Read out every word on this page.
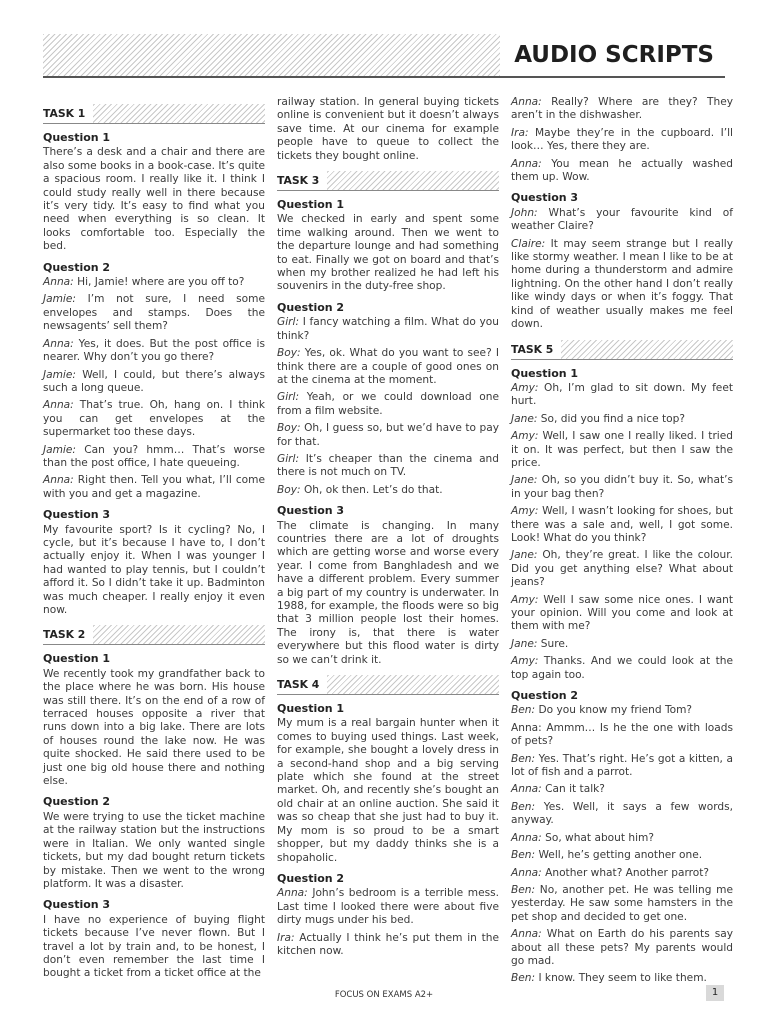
AUDIO SCRIPTS
TASK 1
Question 1
There’s a desk and a chair and there are also some books in a book-case. It’s quite a spacious room. I really like it. I think I could study really well in there because it’s very tidy. It’s easy to find what you need when everything is so clean. It looks comfortable too. Especially the bed.
Question 2
Anna: Hi, Jamie! where are you off to?
Jamie: I’m not sure, I need some envelopes and stamps. Does the newsagents’ sell them?
Anna: Yes, it does. But the post office is nearer. Why don’t you go there?
Jamie: Well, I could, but there’s always such a long queue.
Anna: That’s true. Oh, hang on. I think you can get envelopes at the supermarket too these days.
Jamie: Can you? hmm… That’s worse than the post office, I hate queueing.
Anna: Right then. Tell you what, I’ll come with you and get a magazine.
Question 3
My favourite sport? Is it cycling? No, I cycle, but it’s because I have to, I don’t actually enjoy it. When I was younger I had wanted to play tennis, but I couldn’t afford it. So I didn’t take it up. Badminton was much cheaper. I really enjoy it even now.
TASK 2
Question 1
We recently took my grandfather back to the place where he was born. His house was still there. It’s on the end of a row of terraced houses opposite a river that runs down into a big lake. There are lots of houses round the lake now. He was quite shocked. He said there used to be just one big old house there and nothing else.
Question 2
We were trying to use the ticket machine at the railway station but the instructions were in Italian. We only wanted single tickets, but my dad bought return tickets by mistake. Then we went to the wrong platform. It was a disaster.
Question 3
I have no experience of buying flight tickets because I’ve never flown. But I travel a lot by train and, to be honest, I don’t even remember the last time I bought a ticket from a ticket office at the
railway station. In general buying tickets online is convenient but it doesn’t always save time. At our cinema for example people have to queue to collect the tickets they bought online.
TASK 3
Question 1
We checked in early and spent some time walking around. Then we went to the departure lounge and had something to eat. Finally we got on board and that’s when my brother realized he had left his souvenirs in the duty-free shop.
Question 2
Girl: I fancy watching a film. What do you think?
Boy: Yes, ok. What do you want to see? I think there are a couple of good ones on at the cinema at the moment.
Girl: Yeah, or we could download one from a film website.
Boy: Oh, I guess so, but we’d have to pay for that.
Girl: It’s cheaper than the cinema and there is not much on TV.
Boy: Oh, ok then. Let’s do that.
Question 3
The climate is changing. In many countries there are a lot of droughts which are getting worse and worse every year. I come from Banghladesh and we have a different problem. Every summer a big part of my country is underwater. In 1988, for example, the floods were so big that 3 million people lost their homes. The irony is, that there is water everywhere but this flood water is dirty so we can’t drink it.
TASK 4
Question 1
My mum is a real bargain hunter when it comes to buying used things. Last week, for example, she bought a lovely dress in a second-hand shop and a big serving plate which she found at the street market. Oh, and recently she’s bought an old chair at an online auction. She said it was so cheap that she just had to buy it. My mom is so proud to be a smart shopper, but my daddy thinks she is a shopaholic.
Question 2
Anna: John’s bedroom is a terrible mess. Last time I looked there were about five dirty mugs under his bed.
Ira: Actually I think he’s put them in the kitchen now.
Anna: Really? Where are they? They aren’t in the dishwasher.
Ira: Maybe they’re in the cupboard. I’ll look… Yes, there they are.
Anna: You mean he actually washed them up. Wow.
Question 3
John: What’s your favourite kind of weather Claire?
Claire: It may seem strange but I really like stormy weather. I mean I like to be at home during a thunderstorm and admire lightning. On the other hand I don’t really like windy days or when it’s foggy. That kind of weather usually makes me feel down.
TASK 5
Question 1
Amy: Oh, I’m glad to sit down. My feet hurt.
Jane: So, did you find a nice top?
Amy: Well, I saw one I really liked. I tried it on. It was perfect, but then I saw the price.
Jane: Oh, so you didn’t buy it. So, what’s in your bag then?
Amy: Well, I wasn’t looking for shoes, but there was a sale and, well, I got some. Look! What do you think?
Jane: Oh, they’re great. I like the colour. Did you get anything else? What about jeans?
Amy: Well I saw some nice ones. I want your opinion. Will you come and look at them with me?
Jane: Sure.
Amy: Thanks. And we could look at the top again too.
Question 2
Ben: Do you know my friend Tom?
Anna: Ammm… Is he the one with loads of pets?
Ben: Yes. That’s right. He’s got a kitten, a lot of fish and a parrot.
Anna: Can it talk?
Ben: Yes. Well, it says a few words, anyway.
Anna: So, what about him?
Ben: Well, he’s getting another one.
Anna: Another what? Another parrot?
Ben: No, another pet. He was telling me yesterday. He saw some hamsters in the pet shop and decided to get one.
Anna: What on Earth do his parents say about all these pets? My parents would go mad.
Ben: I know. They seem to like them.
FOCUS ON EXAMS A2+	1
